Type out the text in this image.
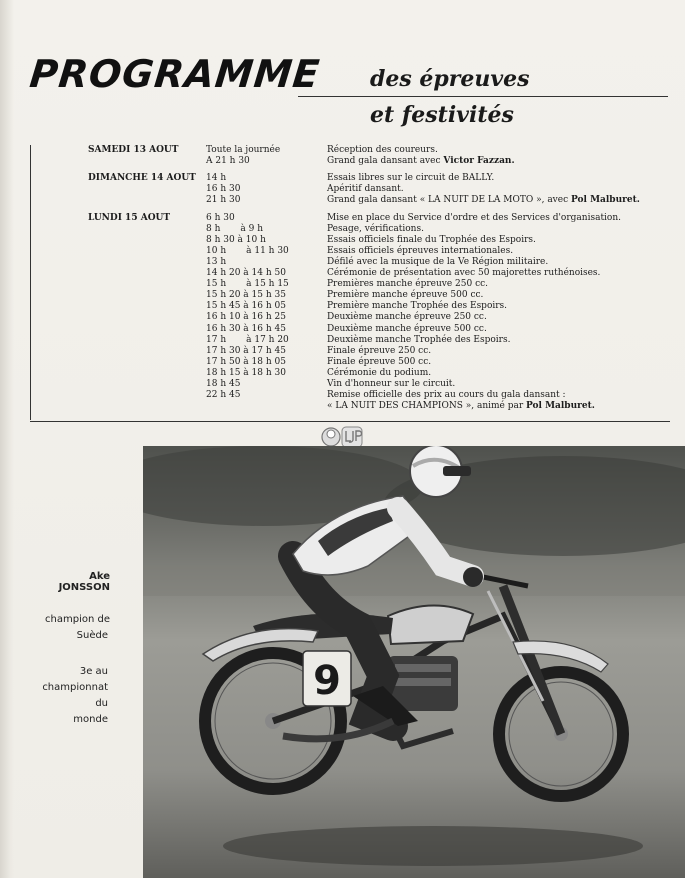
PROGRAMME des épreuves
et festivités
SAMEDI 13 AOUT	Toute la journée	Réception des coureurs.
A 21 h 30	Grand gala dansant avec Victor Fazzan.
DIMANCHE 14 AOUT 14 h	Essais libres sur le circuit de BALLY.
16 h 30	Apéritif dansant.
21 h 30	Grand gala dansant « LA NUIT DE LA MOTO », avec Pol Malburet.
LUNDI 15 AOUT	6 h 30	Mise en place du Service d'ordre et des Services d'organisation.
8 h       à 9 h	Pesage, vérifications.
8 h 30 à 10 h	Essais officiels finale du Trophée des Espoirs.
10 h       à 11 h 30	Essais officiels épreuves internationales.
13 h	Défilé avec la musique de la Ve Région militaire.
14 h 20 à 14 h 50	Cérémonie de présentation avec 50 majorettes ruthénoises.
15 h       à 15 h 15	Premières manche épreuve 250 cc.
15 h 20 à 15 h 35	Première manche épreuve 500 cc.
15 h 45 à 16 h 05	Première manche Trophée des Espoirs.
16 h 10 à 16 h 25	Deuxième manche épreuve 250 cc.
16 h 30 à 16 h 45	Deuxième manche épreuve 500 cc.
17 h       à 17 h 20	Deuxième manche Trophée des Espoirs.
17 h 30 à 17 h 45	Finale épreuve 250 cc.
17 h 50 à 18 h 05	Finale épreuve 500 cc.
18 h 15 à 18 h 30	Cérémonie du podium.
18 h 45	Vin d'honneur sur le circuit.
22 h 45	Remise officielle des prix au cours du gala dansant :
« LA NUIT DES CHAMPIONS », animé par Pol Malburet.
Ake JONSSON
champion de
Suède
3e au
championnat
du
monde
9
